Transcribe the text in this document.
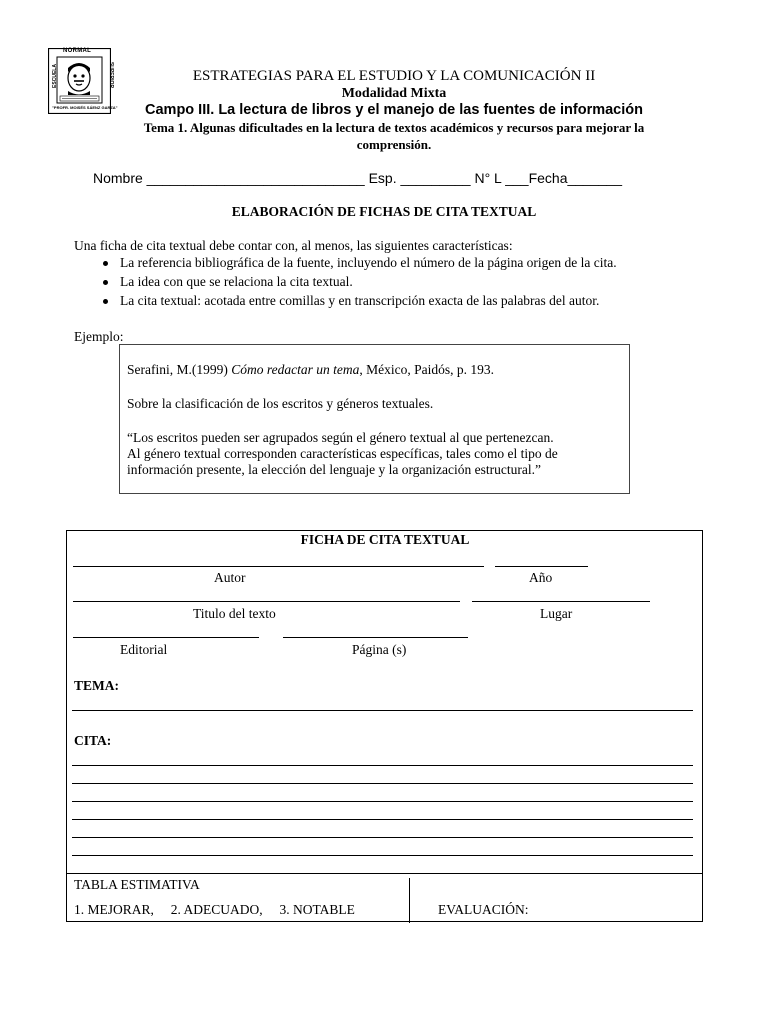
NORMAL
ESCUELA	SUPERIOR
"PROFR. MOISÉS SÁENZ GARZA"
ESTRATEGIAS PARA EL ESTUDIO Y LA COMUNICACIÓN II
Modalidad Mixta
Campo III. La lectura de libros y el manejo de las fuentes de información
Tema 1. Algunas dificultades en la lectura de textos académicos y recursos para mejorar la
comprensión.
Nombre ____________________________ Esp. _________ N° L ___Fecha_______
ELABORACIÓN DE FICHAS DE CITA TEXTUAL
Una ficha de cita textual debe contar con, al menos, las siguientes características:
La referencia bibliográfica de la fuente, incluyendo el número de la página origen de la cita.
La idea con que se relaciona la cita textual.
La cita textual: acotada entre comillas y en transcripción exacta de las palabras del autor.
Ejemplo:
Serafini, M.(1999) Cómo redactar un tema, México, Paidós, p. 193.
Sobre la clasificación de los escritos y géneros textuales.
“Los escritos pueden ser agrupados según el género textual al que pertenezcan.
Al género textual corresponden características específicas, tales como el tipo de
información presente, la elección del lenguaje y la organización estructural.”
FICHA DE CITA TEXTUAL
Autor	Año
Titulo del texto	Lugar
Editorial	Página (s)
TEMA:
CITA:
TABLA ESTIMATIVA
1. MEJORAR,     2. ADECUADO,     3. NOTABLE	EVALUACIÓN:
